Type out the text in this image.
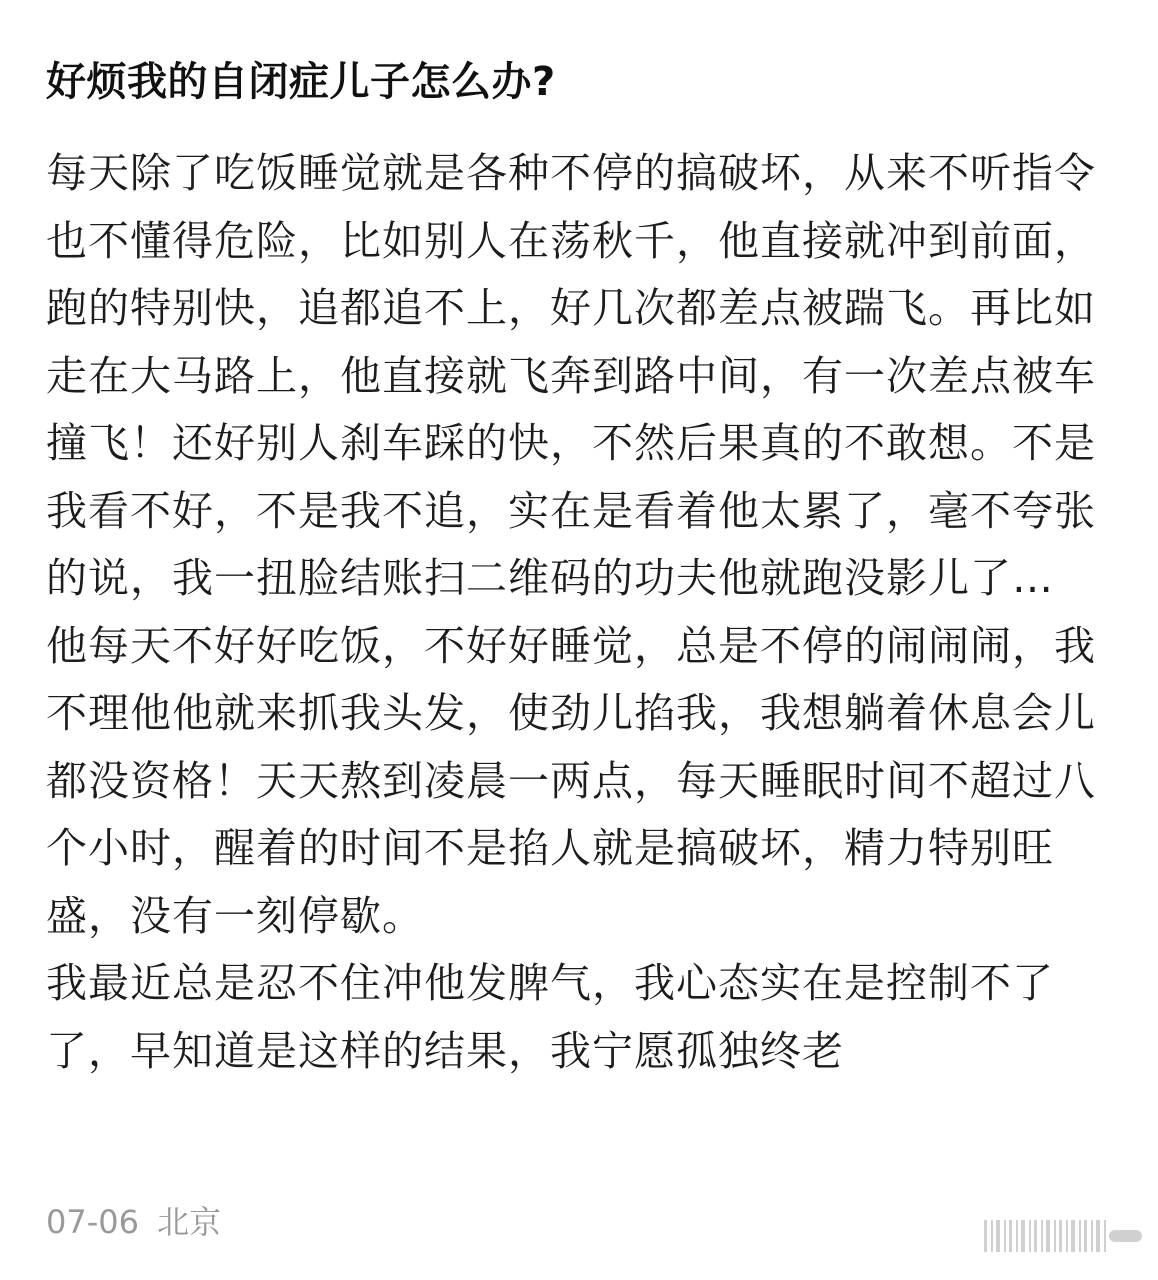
好烦我的自闭症儿子怎么办?

每天除了吃饭睡觉就是各种不停的搞破坏，从来不听指令也不懂得危险，比如别人在荡秋千，他直接就冲到前面，跑的特别快，追都追不上，好几次都差点被踹飞。再比如走在大马路上，他直接就飞奔到路中间，有一次差点被车撞飞！还好别人刹车踩的快，不然后果真的不敢想。不是我看不好，不是我不追，实在是看着他太累了，毫不夸张的说，我一扭脸结账扫二维码的功夫他就跑没影儿了…

他每天不好好吃饭，不好好睡觉，总是不停的闹闹闹，我不理他他就来抓我头发，使劲儿掐我，我想躺着休息会儿都没资格！天天熬到凌晨一两点，每天睡眠时间不超过八个小时，醒着的时间不是掐人就是搞破坏，精力特别旺盛，没有一刻停歇。

我最近总是忍不住冲他发脾气，我心态实在是控制不了了，早知道是这样的结果，我宁愿孤独终老

07-06 北京
